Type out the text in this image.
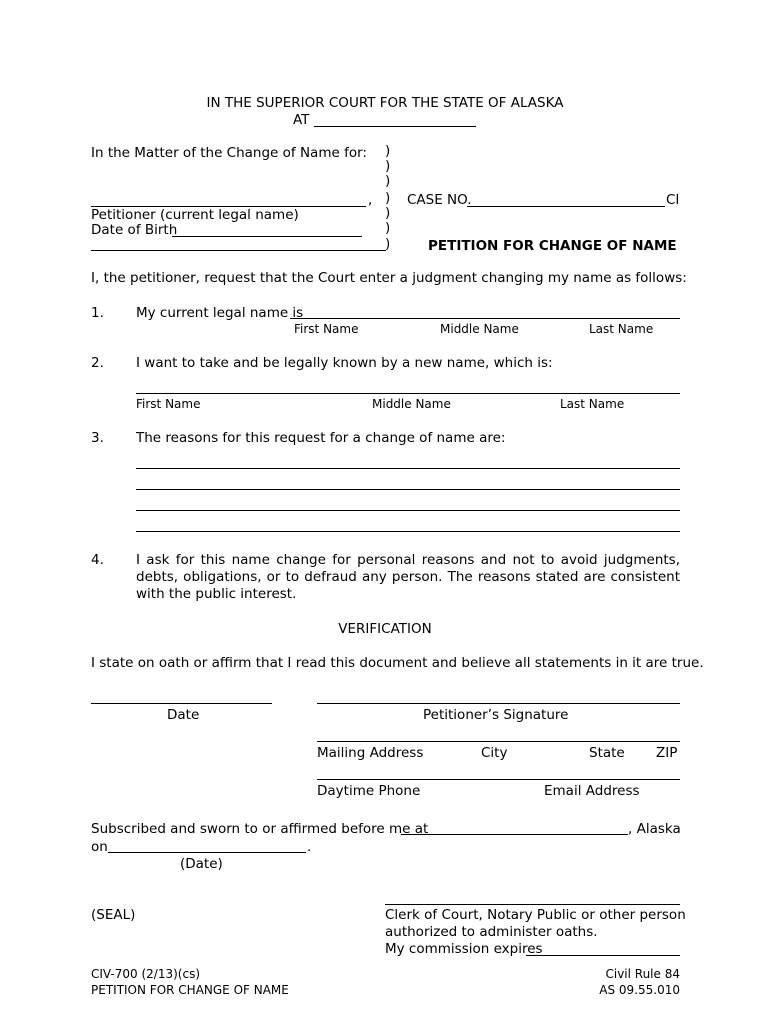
IN THE SUPERIOR COURT FOR THE STATE OF ALASKA
AT
In the Matter of the Change of Name for:
,
Petitioner (current legal name)
Date of Birth
)
)
)
)
)
)
)
CASE NO.	CI
PETITION FOR CHANGE OF NAME
I, the petitioner, request that the Court enter a judgment changing my name as follows:
1. My current legal name is
First Name	Middle Name	Last Name
2. I want to take and be legally known by a new name, which is:
First Name	Middle Name	Last Name
3. The reasons for this request for a change of name are:
4. I ask for this name change for personal reasons and not to avoid judgments, debts, obligations, or to defraud any person. The reasons stated are consistent with the public interest.
VERIFICATION
I state on oath or affirm that I read this document and believe all statements in it are true.
Date	Petitioner’s Signature
Mailing Address	City	State ZIP
Daytime Phone	Email Address
Subscribed and sworn to or affirmed before me at	, Alaska
on	.
(Date)
(SEAL)	Clerk of Court, Notary Public or other person
authorized to administer oaths.
My commission expires
CIV-700 (2/13)(cs)
PETITION FOR CHANGE OF NAME
Civil Rule 84
AS 09.55.010
